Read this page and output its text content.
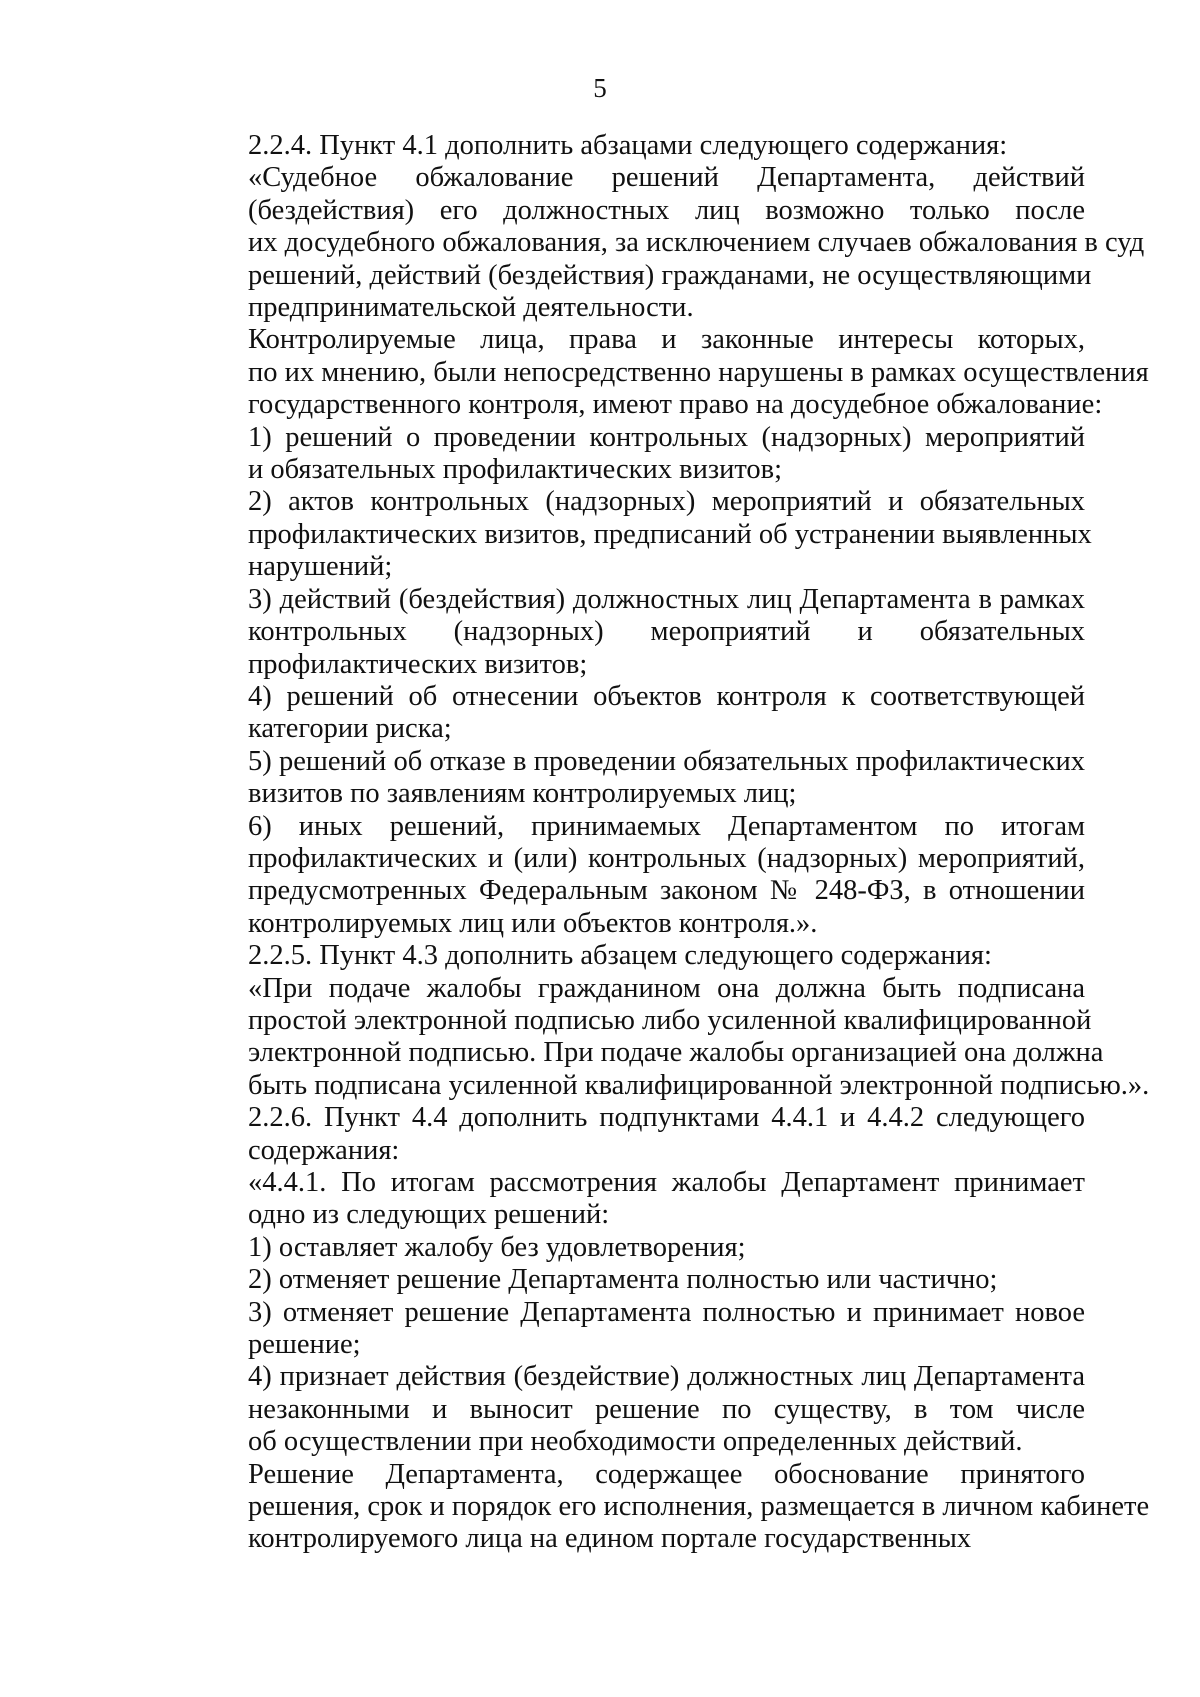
5
2.2.4. Пункт 4.1 дополнить абзацами следующего содержания:
«Судебное обжалование решений Департамента, действий
(бездействия) его должностных лиц возможно только после
их досудебного обжалования, за исключением случаев обжалования в суд
решений, действий (бездействия) гражданами, не осуществляющими
предпринимательской деятельности.
Контролируемые лица, права и законные интересы которых,
по их мнению, были непосредственно нарушены в рамках осуществления
государственного контроля, имеют право на досудебное обжалование:
1) решений о проведении контрольных (надзорных) мероприятий
и обязательных профилактических визитов;
2) актов контрольных (надзорных) мероприятий и обязательных
профилактических визитов, предписаний об устранении выявленных
нарушений;
3) действий (бездействия) должностных лиц Департамента в рамках
контрольных (надзорных) мероприятий и обязательных
профилактических визитов;
4) решений об отнесении объектов контроля к соответствующей
категории риска;
5) решений об отказе в проведении обязательных профилактических
визитов по заявлениям контролируемых лиц;
6) иных решений, принимаемых Департаментом по итогам
профилактических и (или) контрольных (надзорных) мероприятий,
предусмотренных Федеральным законом № 248-ФЗ, в отношении
контролируемых лиц или объектов контроля.».
2.2.5. Пункт 4.3 дополнить абзацем следующего содержания:
«При подаче жалобы гражданином она должна быть подписана
простой электронной подписью либо усиленной квалифицированной
электронной подписью. При подаче жалобы организацией она должна
быть подписана усиленной квалифицированной электронной подписью.».
2.2.6. Пункт 4.4 дополнить подпунктами 4.4.1 и 4.4.2 следующего
содержания:
«4.4.1. По итогам рассмотрения жалобы Департамент принимает
одно из следующих решений:
1) оставляет жалобу без удовлетворения;
2) отменяет решение Департамента полностью или частично;
3) отменяет решение Департамента полностью и принимает новое
решение;
4) признает действия (бездействие) должностных лиц Департамента
незаконными и выносит решение по существу, в том числе
об осуществлении при необходимости определенных действий.
Решение Департамента, содержащее обоснование принятого
решения, срок и порядок его исполнения, размещается в личном кабинете
контролируемого лица на едином портале государственных
